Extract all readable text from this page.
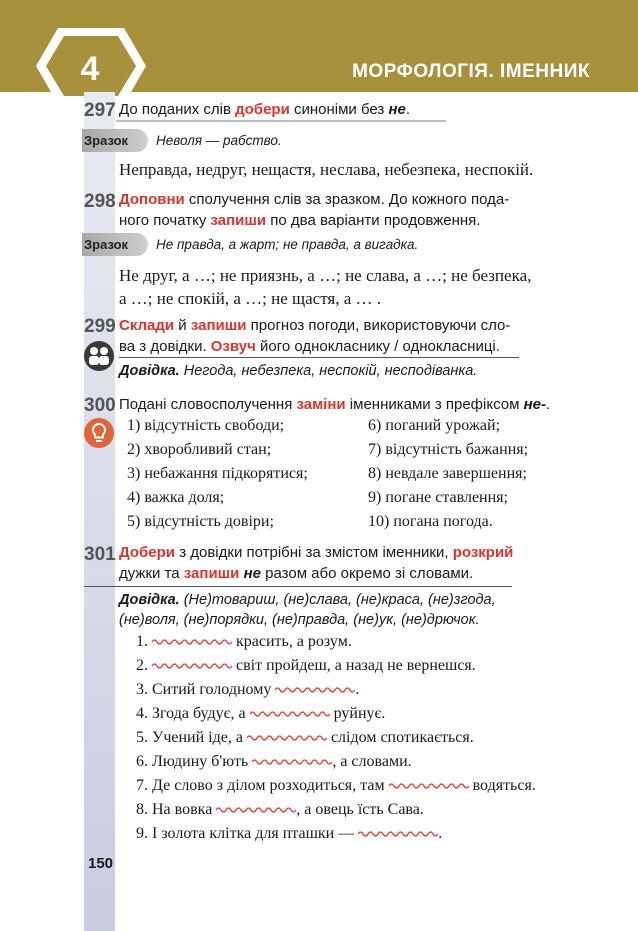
МОРФОЛОГІЯ. ІМЕННИК
4
297 До поданих слів добери синоніми без не.
Зразок Неволя — рабство.
Неправда, недруг, нещастя, неслава, небезпека, неспокій.
298 Доповни сполучення слів за зразком. До кожного пода-
ного початку запиши по два варіанти продовження.
Зразок Не правда, а жарт; не правда, а вигадка.
Не друг, а …; не приязнь, а …; не слава, а …; не безпека,
а …; не спокій, а …; не щастя, а … .
299 Склади й запиши прогноз погоди, використовуючи сло-
ва з довідки. Озвуч його однокласнику / однокласниці.
Довідка. Негода, небезпека, неспокій, несподіванка.
300 Подані словосполучення заміни іменниками з префіксом не-.
1) відсутність свободи;
2) хворобливий стан;
3) небажання підкорятися;
4) важка доля;
5) відсутність довіри;
6) поганий урожай;
7) відсутність бажання;
8) невдале завершення;
9) погане ставлення;
10) погана погода.
301 Добери з довідки потрібні за змістом іменники, розкрий
дужки та запиши не разом або окремо зі словами.
Довідка. (Не)товариш, (не)слава, (не)краса, (не)згода,
(не)воля, (не)порядки, (не)правда, (не)ук, (не)дрючок.
1.	красить, а розум.
2.	світ пройдеш, а назад не вернешся.
3. Ситий голодному	.
4. Згода будує, а	руйнує.
5. Учений іде, а	слідом спотикається.
6. Людину б'ють	, а словами.
7. Де слово з ділом розходиться, там	водяться.
8. На вовка	, а овець їсть Сава.
9. І золота клітка для пташки —	.
150
